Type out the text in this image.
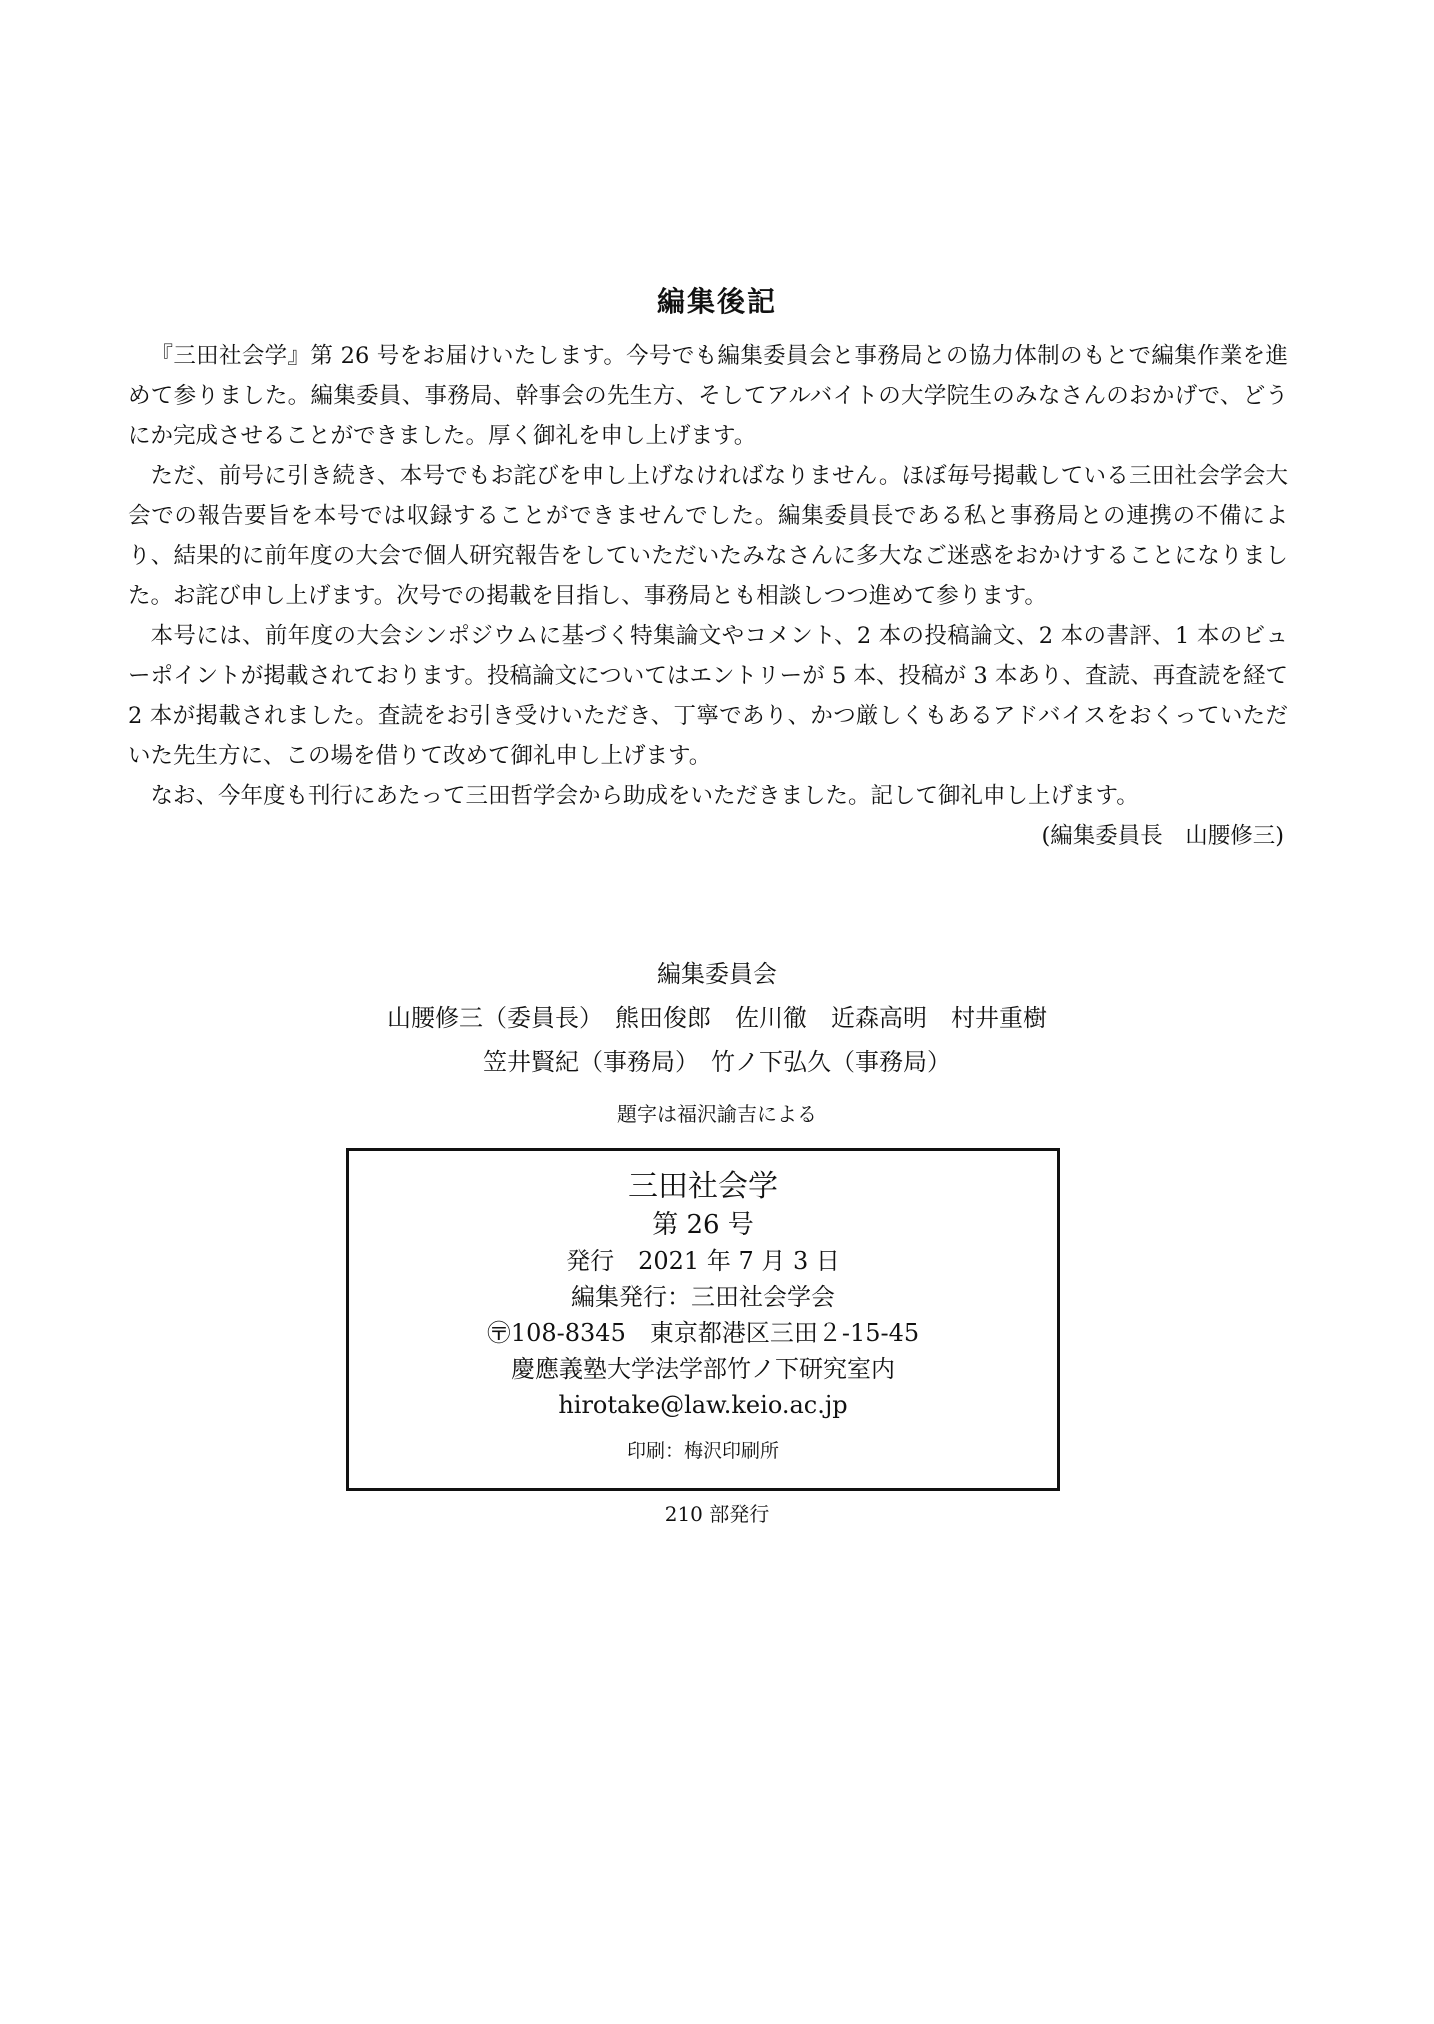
編集後記

『三田社会学』第 26 号をお届けいたします。今号でも編集委員会と事務局との協力体制のもとで編集作業を進めて参りました。編集委員、事務局、幹事会の先生方、そしてアルバイトの大学院生のみなさんのおかげで、どうにか完成させることができました。厚く御礼を申し上げます。

ただ、前号に引き続き、本号でもお詫びを申し上げなければなりません。ほぼ毎号掲載している三田社会学会大会での報告要旨を本号では収録することができませんでした。編集委員長である私と事務局との連携の不備により、結果的に前年度の大会で個人研究報告をしていただいたみなさんに多大なご迷惑をおかけすることになりました。お詫び申し上げます。次号での掲載を目指し、事務局とも相談しつつ進めて参ります。

本号には、前年度の大会シンポジウムに基づく特集論文やコメント、2 本の投稿論文、2 本の書評、1 本のビューポイントが掲載されております。投稿論文についてはエントリーが 5 本、投稿が 3 本あり、査読、再査読を経て 2 本が掲載されました。査読をお引き受けいただき、丁寧であり、かつ厳しくもあるアドバイスをおくっていただいた先生方に、この場を借りて改めて御礼申し上げます。

なお、今年度も刊行にあたって三田哲学会から助成をいただきました。記して御礼申し上げます。

(編集委員長　山腰修三)

編集委員会
山腰修三（委員長）　熊田俊郎　佐川徹　近森高明　村井重樹
笠井賢紀（事務局）　竹ノ下弘久（事務局）
題字は福沢諭吉による
三田社会学
第 26 号
発行　2021 年 7 月 3 日
編集発行：三田社会学会
〶108-8345　東京都港区三田２-15-45
慶應義塾大学法学部竹ノ下研究室内
hirotake@law.keio.ac.jp
印刷：梅沢印刷所
210 部発行
